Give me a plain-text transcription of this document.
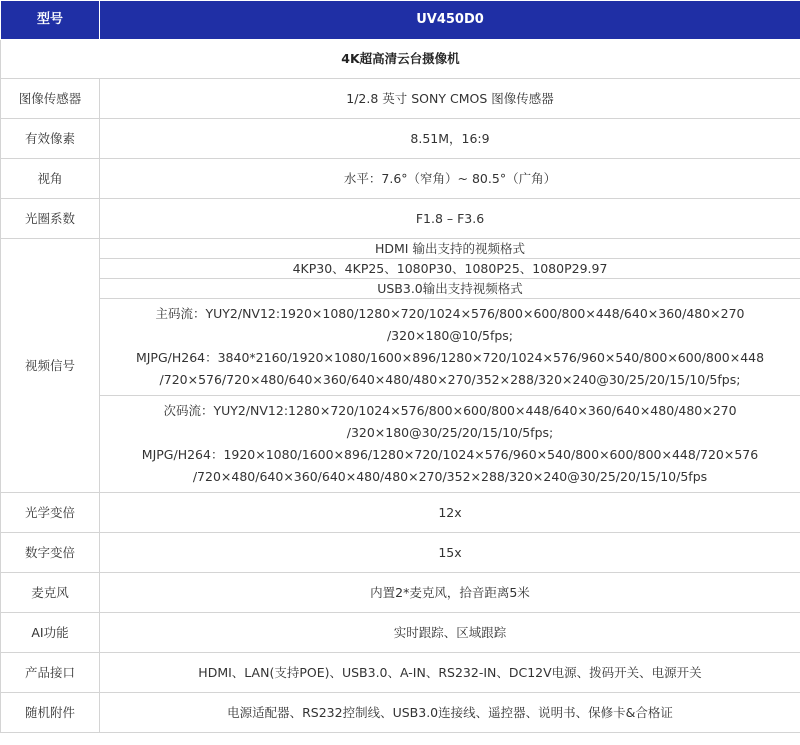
型号	UV450D0
4K超高清云台摄像机	
图像传感器	1/2.8 英寸 SONY CMOS 图像传感器
有效像素	8.51M，16:9
视角	水平：7.6°（窄角）~ 80.5°（广角）
光圈系数	F1.8 – F3.6
视频信号	HDMI 输出支持的视频格式
	4KP30、4KP25、1080P30、1080P25、1080P29.97
	USB3.0输出支持视频格式

	主码流：YUY2/NV12:1920×1080/1280×720/1024×576/800×600/800×448/640×360/480×270
/320×180@10/5fps;
MJPG/H264：3840*2160/1920×1080/1600×896/1280×720/1024×576/960×540/800×600/800×448
/720×576/720×480/640×360/640×480/480×270/352×288/320×240@30/25/20/15/10/5fps;

	次码流：YUY2/NV12:1280×720/1024×576/800×600/800×448/640×360/640×480/480×270
/320×180@30/25/20/15/10/5fps;
MJPG/H264：1920×1080/1600×896/1280×720/1024×576/960×540/800×600/800×448/720×576
/720×480/640×360/640×480/480×270/352×288/320×240@30/25/20/15/10/5fps

光学变倍	12x
数字变倍	15x
麦克风	内置2*麦克风，拾音距离5米
AI功能	实时跟踪、区域跟踪
产品接口	HDMI、LAN(支持POE)、USB3.0、A-IN、RS232-IN、DC12V电源、拨码开关、电源开关
随机附件	电源适配器、RS232控制线、USB3.0连接线、遥控器、说明书、保修卡&合格证
